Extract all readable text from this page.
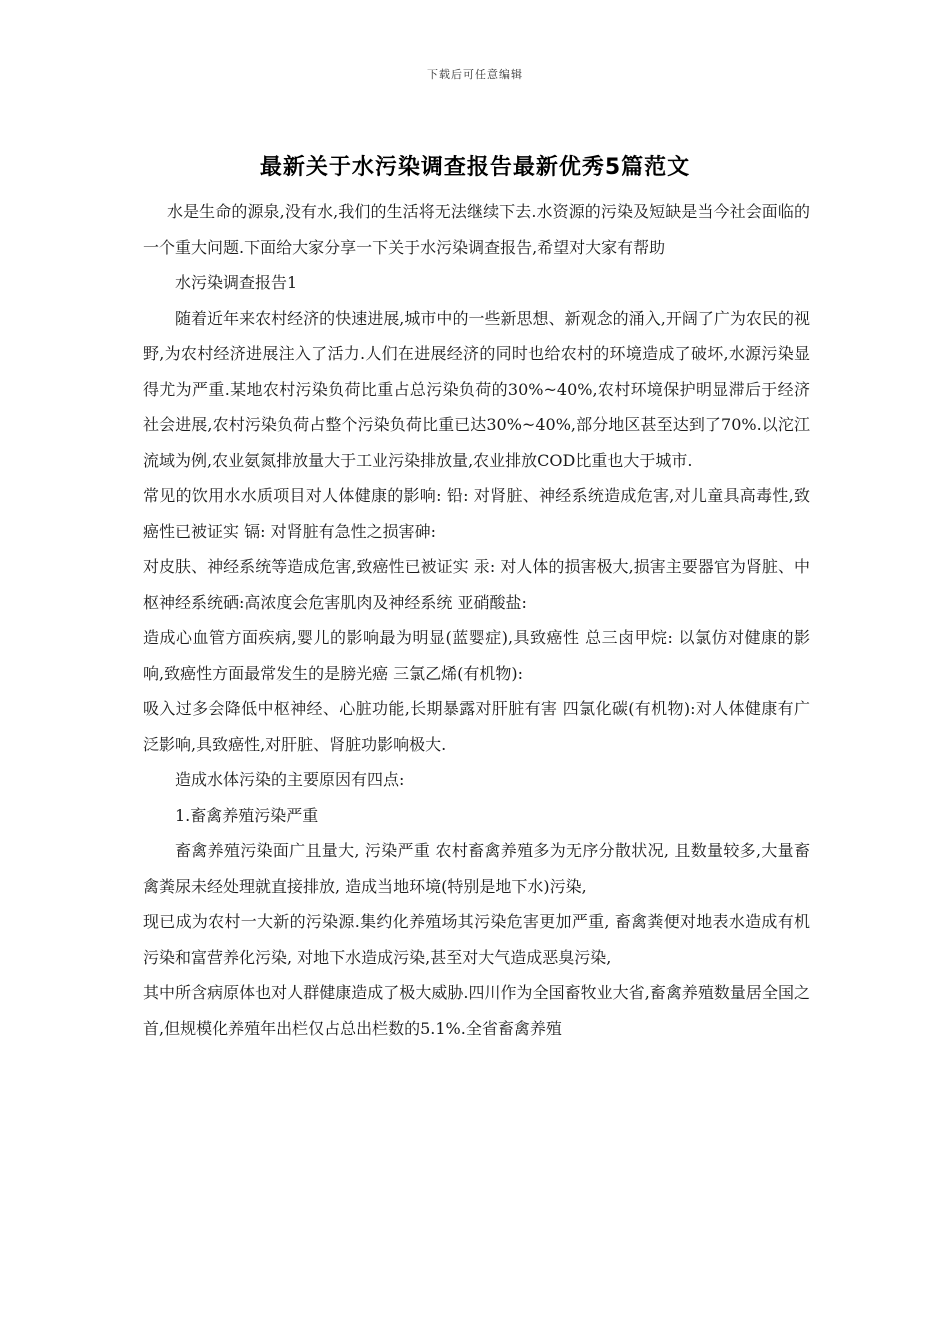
下载后可任意编辑
最新关于水污染调查报告最新优秀5篇范文

水是生命的源泉,没有水,我们的生活将无法继续下去.水资源的污染及短缺是当今社会面临的一个重大问题.下面给大家分享一下关于水污染调查报告,希望对大家有帮助

水污染调查报告1

随着近年来农村经济的快速进展,城市中的一些新思想、新观念的涌入,开阔了广为农民的视野,为农村经济进展注入了活力.人们在进展经济的同时也给农村的环境造成了破坏,水源污染显得尤为严重.某地农村污染负荷比重占总污染负荷的30%~40%,农村环境保护明显滞后于经济社会进展,农村污染负荷占整个污染负荷比重已达30%~40%,部分地区甚至达到了70%.以沱江流域为例,农业氨氮排放量大于工业污染排放量,农业排放COD比重也大于城市.

常见的饮用水水质项目对人体健康的影响: 铅: 对肾脏、神经系统造成危害,对儿童具高毒性,致癌性已被证实 镉: 对肾脏有急性之损害砷:

对皮肤、神经系统等造成危害,致癌性已被证实 汞: 对人体的损害极大,损害主要器官为肾脏、中枢神经系统硒:高浓度会危害肌肉及神经系统 亚硝酸盐:

造成心血管方面疾病,婴儿的影响最为明显(蓝婴症),具致癌性 总三卤甲烷: 以氯仿对健康的影响,致癌性方面最常发生的是膀光癌 三氯乙烯(有机物):

吸入过多会降低中枢神经、心脏功能,长期暴露对肝脏有害 四氯化碳(有机物):对人体健康有广泛影响,具致癌性,对肝脏、肾脏功影响极大.

造成水体污染的主要原因有四点:

1.畜禽养殖污染严重

畜禽养殖污染面广且量大, 污染严重 农村畜禽养殖多为无序分散状况, 且数量较多,大量畜禽粪尿未经处理就直接排放, 造成当地环境(特别是地下水)污染,

现已成为农村一大新的污染源.集约化养殖场其污染危害更加严重, 畜禽粪便对地表水造成有机污染和富营养化污染, 对地下水造成污染,甚至对大气造成恶臭污染,

其中所含病原体也对人群健康造成了极大威胁.四川作为全国畜牧业大省,畜禽养殖数量居全国之首,但规模化养殖年出栏仅占总出栏数的5.1%.全省畜禽养殖
